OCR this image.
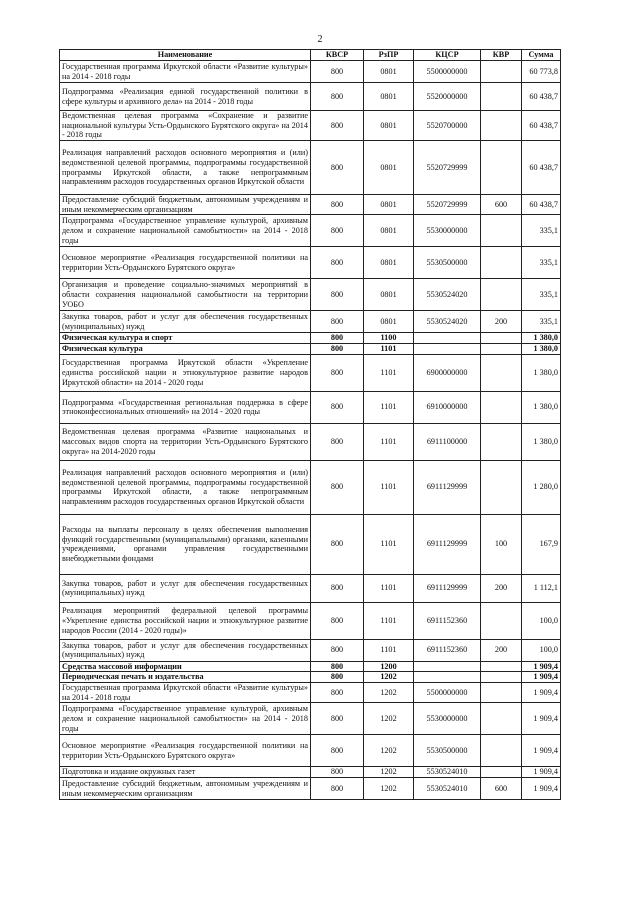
2
Наименование	КВСР	РзПР	КЦСР	КВР	Сумма
Государственная программа Иркутской области «Развитие культуры» на 2014 - 2018 годы	800	0801	5500000000		60 773,8
Подпрограмма «Реализация единой государственной политики в сфере культуры и архивного дела» на 2014 - 2018 годы	800	0801	5520000000		60 438,7
Ведомственная целевая программа «Сохранение и развитие национальной культуры Усть-Ордынского Бурятского округа» на 2014 - 2018 годы	800	0801	5520700000		60 438,7
Реализация направлений расходов основного мероприятия и (или) ведомственной целевой программы, подпрограммы государственной программы Иркутской области, а также непрограммным направлениям расходов государственных органов Иркутской области	800	0801	5520729999		60 438,7
Предоставление субсидий бюджетным, автономным учреждениям и иным некоммерческим организациям	800	0801	5520729999	600	60 438,7
Подпрограмма «Государственное управление культурой, архивным делом и сохранение национальной самобытности» на 2014 - 2018 годы	800	0801	5530000000		335,1
Основное мероприятие «Реализация государственной политики на территории Усть-Ордынского Бурятского округа»	800	0801	5530500000		335,1
Организация и проведение социально-значимых мероприятий в области сохранения национальной самобытности на территории УОБО	800	0801	5530524020		335,1
Закупка товаров, работ и услуг для обеспечения государственных (муниципальных) нужд	800	0801	5530524020	200	335,1
Физическая культура и спорт	800	1100			1 380,0
Физическая культура	800	1101			1 380,0
Государственная программа Иркутской области «Укрепление единства российской нации и этнокультурное развитие народов Иркутской области» на 2014 - 2020 годы	800	1101	6900000000		1 380,0
Подпрограмма «Государственная региональная поддержка в сфере этноконфессиональных отношений» на 2014 - 2020 годы	800	1101	6910000000		1 380,0
Ведомственная целевая программа «Развитие национальных и массовых видов спорта на территории Усть-Ордынского Бурятского округа» на 2014-2020 годы	800	1101	6911100000		1 380,0
Реализация направлений расходов основного мероприятия и (или) ведомственной целевой программы, подпрограммы государственной программы Иркутской области, а также непрограммным направлениям расходов государственных органов Иркутской области	800	1101	6911129999		1 280,0
Расходы на выплаты персоналу в целях обеспечения выполнения функций государственными (муниципальными) органами, казенными учреждениями, органами управления государственными внебюджетными фондами	800	1101	6911129999	100	167,9
Закупка товаров, работ и услуг для обеспечения государственных (муниципальных) нужд	800	1101	6911129999	200	1 112,1
Реализация мероприятий федеральной целевой программы «Укрепление единства российской нации и этнокультурное развитие народов России (2014 - 2020 годы)»	800	1101	6911152360		100,0
Закупка товаров, работ и услуг для обеспечения государственных (муниципальных) нужд	800	1101	6911152360	200	100,0
Средства массовой информации	800	1200			1 909,4
Периодическая печать и издательства	800	1202			1 909,4
Государственная программа Иркутской области «Развитие культуры» на 2014 - 2018 годы	800	1202	5500000000		1 909,4
Подпрограмма «Государственное управление культурой, архивным делом и сохранение национальной самобытности» на 2014 - 2018 годы	800	1202	5530000000		1 909,4
Основное мероприятие «Реализация государственной политики на территории Усть-Ордынского Бурятского округа»	800	1202	5530500000		1 909,4
Подготовка и издание окружных газет	800	1202	5530524010		1 909,4
Предоставление субсидий бюджетным, автономным учреждениям и иным некоммерческим организациям	800	1202	5530524010	600	1 909,4
